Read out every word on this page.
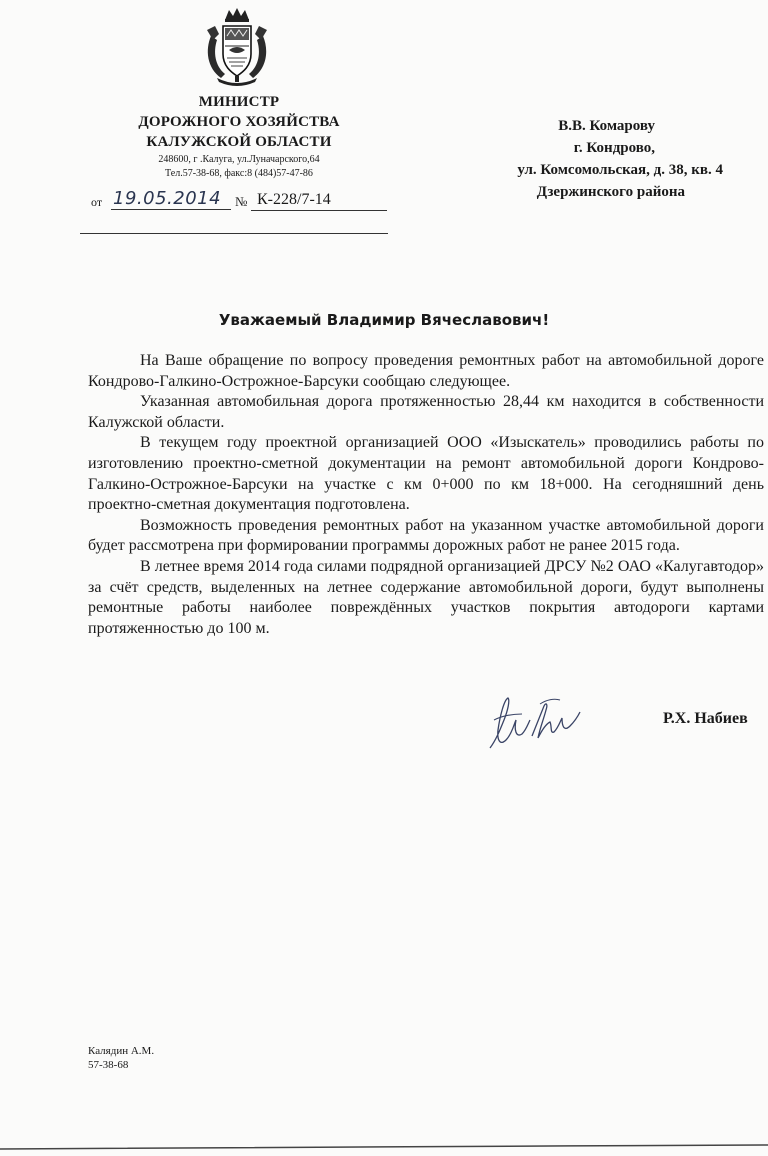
МИНИСТР
ДОРОЖНОГО ХОЗЯЙСТВА
КАЛУЖСКОЙ ОБЛАСТИ
248600, г .Калуга, ул.Луначарского,64
Тел.57-38-68, факс:8 (484)57-47-86
от 19.05.2014 № К-228/7-14
В.В. Комарову
г. Кондрово,
ул. Комсомольская, д. 38, кв. 4
Дзержинского района
Уважаемый Владимир Вячеславович!

На Ваше обращение по вопросу проведения ремонтных работ на автомобильной дороге Кондрово-Галкино-Острожное-Барсуки сообщаю следующее.

Указанная автомобильная дорога протяженностью 28,44 км находится в собственности Калужской области.

В текущем году проектной организацией ООО «Изыскатель» проводились работы по изготовлению проектно-сметной документации на ремонт автомобильной дороги Кондрово-Галкино-Острожное-Барсуки на участке с км 0+000 по км 18+000. На сегодняшний день проектно-сметная документация подготовлена.

Возможность проведения ремонтных работ на указанном участке автомобильной дороги будет рассмотрена при формировании программы дорожных работ не ранее 2015 года.

В летнее время 2014 года силами подрядной организацией ДРСУ №2 ОАО «Калугавтодор» за счёт средств, выделенных на летнее содержание автомобильной дороги, будут выполнены ремонтные работы наиболее повреждённых участков покрытия автодороги картами протяженностью до 100 м.

Р.Х. Набиев
Калядин А.М.
57-38-68
